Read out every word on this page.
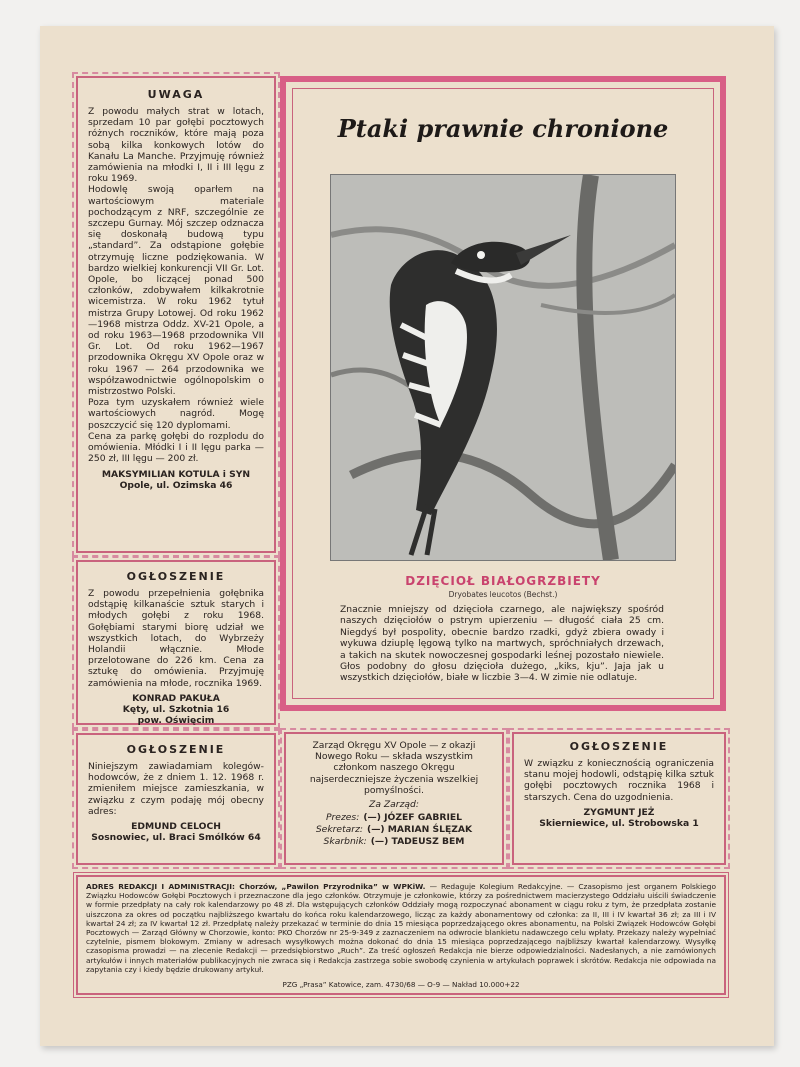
UWAGA
Z powodu małych strat w lotach, sprzedam 10 par gołębi pocztowych różnych roczników, które mają poza sobą kilka konkowych lotów do Kanału La Manche. Przyjmuję również zamówienia na młodki I, II i III lęgu z roku 1969.
Hodowlę swoją oparłem na wartościowym materiale pochodzącym z NRF, szczególnie ze szczepu Gurnay. Mój szczep odznacza się doskonałą budową typu „standard”. Za odstąpione gołębie otrzymuję liczne podziękowania. W bardzo wielkiej konkurencji VII Gr. Lot. Opole, bo liczącej ponad 500 członków, zdobywałem kilkakrotnie wicemistrza. W roku 1962 tytuł mistrza Grupy Lotowej. Od roku 1962—1968 mistrza Oddz. XV-21 Opole, a od roku 1963—1968 przodownika VII Gr. Lot. Od roku 1962—1967 przodownika Okręgu XV Opole oraz w roku 1967 — 264 przodownika we współzawodnictwie ogólnopolskim o mistrzostwo Polski.
Poza tym uzyskałem również wiele wartościowych nagród. Mogę poszczycić się 120 dyplomami.
Cena za parkę gołębi do rozplodu do omówienia. Młódki I i II lęgu parka — 250 zł, III lęgu — 200 zł.
MAKSYMILIAN KOTULA i SYN
Opole, ul. Ozimska 46
OGŁOSZENIE
Z powodu przepełnienia gołębnika odstąpię kilkanaście sztuk starych i młodych gołębi z roku 1968. Gołębiami starymi biorę udział we wszystkich lotach, do Wybrzeży Holandii włącznie. Młode przelotowane do 226 km. Cena za sztukę do omówienia. Przyjmuję zamówienia na młode, rocznika 1969.
KONRAD PAKUŁA
Kęty, ul. Szkotnia 16
pow. Oświęcim
OGŁOSZENIE
Niniejszym zawiadamiam kolegów-hodowców, że z dniem 1. 12. 1968 r. zmieniłem miejsce zamieszkania, w związku z czym podaję mój obecny adres:
EDMUND CELOCH
Sosnowiec, ul. Braci Smólków 64
Ptaki prawnie chronione
DZIĘCIOŁ BIAŁOGRZBIETY
Dryobates leucotos (Bechst.)
Znacznie mniejszy od dzięcioła czarnego, ale największy spośród naszych dzięciołów o pstrym upierzeniu — długość ciała 25 cm. Niegdyś był pospolity, obecnie bardzo rzadki, gdyż zbiera owady i wykuwa dziuplę lęgową tylko na martwych, spróchniałych drzewach, a takich na skutek nowoczesnej gospodarki leśnej pozostało niewiele. Głos podobny do głosu dzięcioła dużego, „kiks, kju”. Jaja jak u wszystkich dzięciołów, białe w liczbie 3—4. W zimie nie odlatuje.
Zarząd Okręgu XV Opole — z okazji Nowego Roku — składa wszystkim członkom naszego Okręgu najserdeczniejsze życzenia wszelkiej pomyślności.
Za Zarząd:
Prezes: (—) JÓZEF GABRIEL
Sekretarz: (—) MARIAN ŚLĘZAK
Skarbnik: (—) TADEUSZ BEM
OGŁOSZENIE
W związku z koniecznością ograniczenia stanu mojej hodowli, odstąpię kilka sztuk gołębi pocztowych rocznika 1968 i starszych. Cena do uzgodnienia.
ZYGMUNT JEŻ
Skierniewice, ul. Strobowska 1
ADRES REDAKCJI I ADMINISTRACJI: Chorzów, „Pawilon Przyrodnika” w WPKiW. — Redaguje Kolegium Redakcyjne. — Czasopismo jest organem Polskiego Związku Hodowców Gołębi Pocztowych i przeznaczone dla jego członków. Otrzymuje je członkowie, którzy za pośrednictwem macierzystego Oddziału uiścili świadczenie w formie przedpłaty na cały rok kalendarzowy po 48 zł. Dla wstępujących członków Oddziały mogą rozpoczynać abonament w ciągu roku z tym, że przedpłata zostanie uiszczona za okres od początku najbliższego kwartału do końca roku kalendarzowego, licząc za każdy abonamentowy od członka: za II, III i IV kwartał 36 zł; za III i IV kwartał 24 zł; za IV kwartał 12 zł. Przedpłatę należy przekazać w terminie do dnia 15 miesiąca poprzedzającego okres abonamentu, na Polski Związek Hodowców Gołębi Pocztowych — Zarząd Główny w Chorzowie, konto: PKO Chorzów nr 25-9-349 z zaznaczeniem na odwrocie blankietu nadawczego celu wpłaty. Przekazy należy wypełniać czytelnie, pismem blokowym. Zmiany w adresach wysyłkowych można dokonać do dnia 15 miesiąca poprzedzającego najbliższy kwartał kalendarzowy. Wysyłkę czasopisma prowadzi — na zlecenie Redakcji — przedsiębiorstwo „Ruch”. Za treść ogłoszeń Redakcja nie bierze odpowiedzialności. Nadesłanych, a nie zamówionych artykułów i innych materiałów publikacyjnych nie zwraca się i Redakcja zastrzega sobie swobodę czynienia w artykułach poprawek i skrótów. Redakcja nie odpowiada na zapytania czy i kiedy będzie drukowany artykuł.
PZG „Prasa” Katowice, zam. 4730/68 — O-9 — Nakład 10.000+22
